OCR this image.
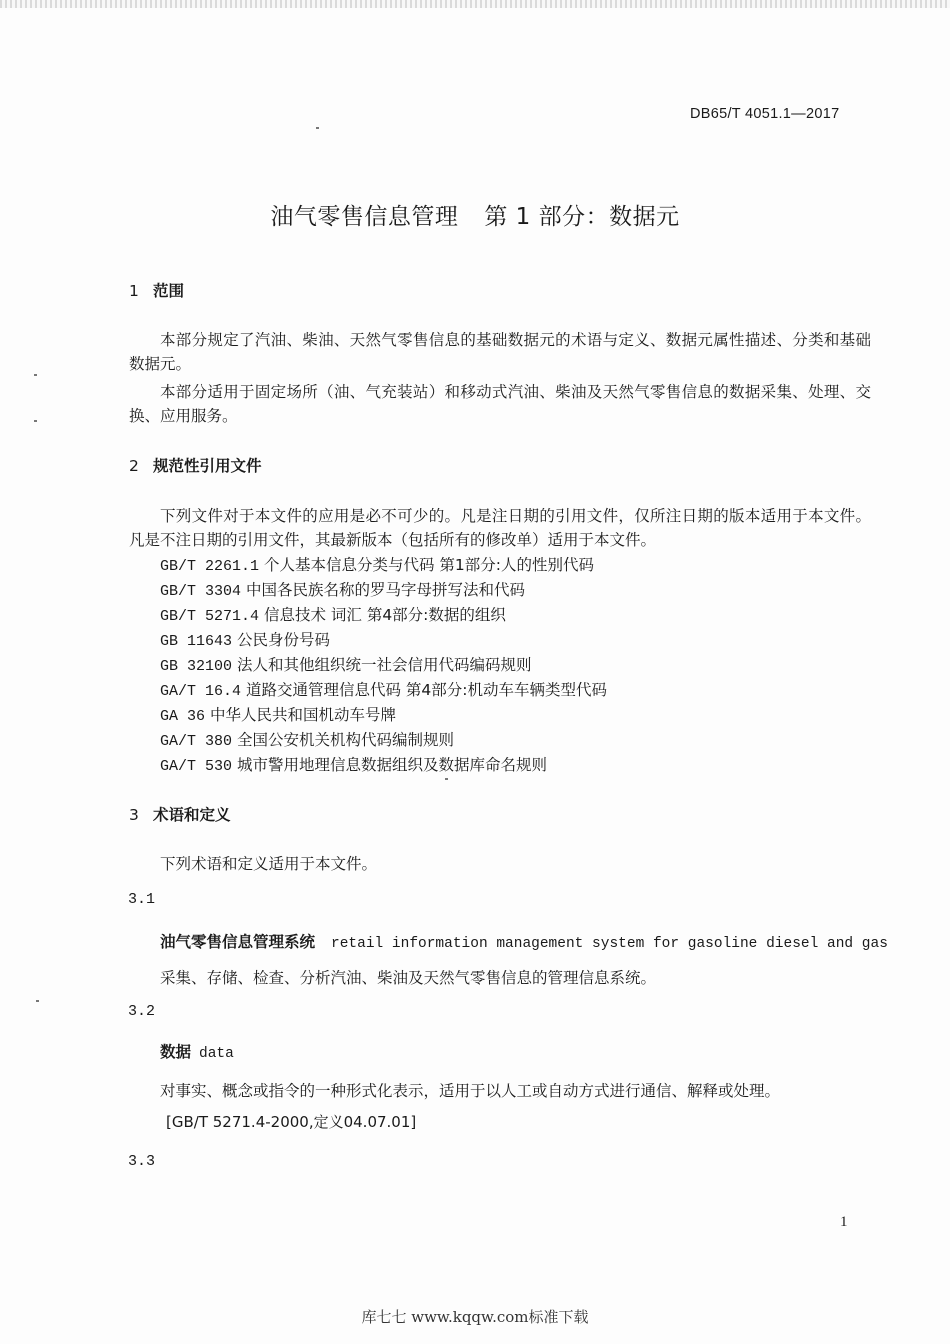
DB65/T 4051.1—2017
油气零售信息管理 第 1 部分：数据元
1 范围
本部分规定了汽油、柴油、天然气零售信息的基础数据元的术语与定义、数据元属性描述、分类和基础数据元。
本部分适用于固定场所（油、气充装站）和移动式汽油、柴油及天然气零售信息的数据采集、处理、交换、应用服务。
2 规范性引用文件
下列文件对于本文件的应用是必不可少的。凡是注日期的引用文件，仅所注日期的版本适用于本文件。凡是不注日期的引用文件，其最新版本（包括所有的修改单）适用于本文件。
GB/T 2261.1 个人基本信息分类与代码 第1部分:人的性别代码
GB/T 3304 中国各民族名称的罗马字母拼写法和代码
GB/T 5271.4 信息技术 词汇 第4部分:数据的组织
GB 11643 公民身份号码
GB 32100 法人和其他组织统一社会信用代码编码规则
GA/T 16.4 道路交通管理信息代码 第4部分:机动车车辆类型代码
GA 36 中华人民共和国机动车号牌
GA/T 380 全国公安机关机构代码编制规则
GA/T 530 城市警用地理信息数据组织及数据库命名规则
3 术语和定义
下列术语和定义适用于本文件。
3.1
油气零售信息管理系统 retail information management system for gasoline diesel and gas
采集、存储、检查、分析汽油、柴油及天然气零售信息的管理信息系统。
3.2
数据 data
对事实、概念或指令的一种形式化表示，适用于以人工或自动方式进行通信、解释或处理。
[GB/T 5271.4-2000,定义04.07.01]
3.3
1
库七七 www.kqqw.com标准下载
